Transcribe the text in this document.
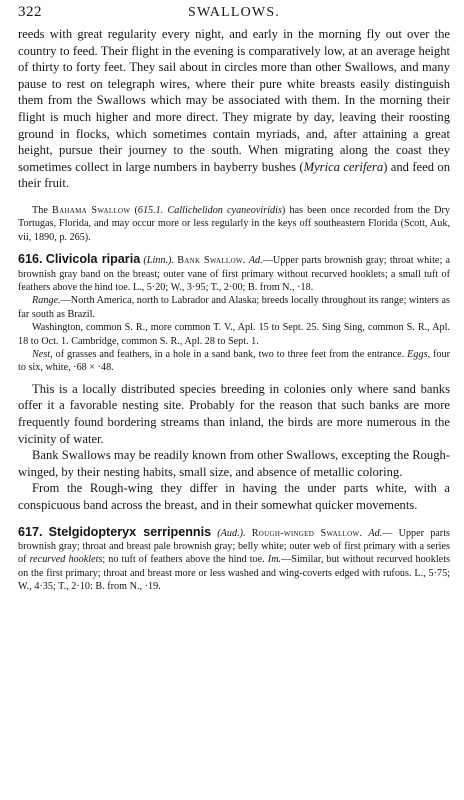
322	SWALLOWS.

reeds with great regularity every night, and early in the morning fly out over the country to feed. Their flight in the evening is comparatively low, at an average height of thirty to forty feet. They sail about in circles more than other Swallows, and many pause to rest on telegraph wires, where their pure white breasts easily distinguish them from the Swallows which may be associated with them. In the morning their flight is much higher and more direct. They migrate by day, leaving their roosting ground in flocks, which sometimes contain myriads, and, after attaining a great height, pursue their journey to the south. When migrating along the coast they sometimes collect in large numbers in bayberry bushes (Myrica cerifera) and feed on their fruit.

The Bahama Swallow (615.1. Callichelidon cyaneoviridis) has been once recorded from the Dry Tortugas, Florida, and may occur more or less regularly in the keys off southeastern Florida (Scott, Auk, vii, 1890, p. 265).

616. Clivicola riparia (Linn.). Bank Swallow. Ad.—Upper parts brownish gray; throat white; a brownish gray band on the breast; outer vane of first primary without recurved hooklets; a small tuft of feathers above the hind toe. L., 5·20; W., 3·95; T., 2·00; B. from N., ·18.

Range.—North America, north to Labrador and Alaska; breeds locally throughout its range; winters as far south as Brazil.

Washington, common S. R., more common T. V., Apl. 15 to Sept. 25. Sing Sing, common S. R., Apl. 18 to Oct. 1. Cambridge, common S. R., Apl. 28 to Sept. 1.

Nest, of grasses and feathers, in a hole in a sand bank, two to three feet from the entrance. Eggs, four to six, white, ·68 × ·48.

This is a locally distributed species breeding in colonies only where sand banks offer it a favorable nesting site. Probably for the reason that such banks are more frequently found bordering streams than inland, the birds are more numerous in the vicinity of water.

Bank Swallows may be readily known from other Swallows, excepting the Rough-winged, by their nesting habits, small size, and absence of metallic coloring.

From the Rough-wing they differ in having the under parts white, with a conspicuous band across the breast, and in their somewhat quicker movements.

617. Stelgidopteryx serripennis (Aud.). Rough-winged Swallow. Ad.— Upper parts brownish gray; throat and breast pale brownish gray; belly white; outer web of first primary with a series of recurved hooklets; no tuft of feathers above the hind toe. Im.—Similar, but without recurved hooklets on the first primary; throat and breast more or less washed and wing-coverts edged with rufous. L., 5·75; W., 4·35; T., 2·10: B. from N., ·19.
